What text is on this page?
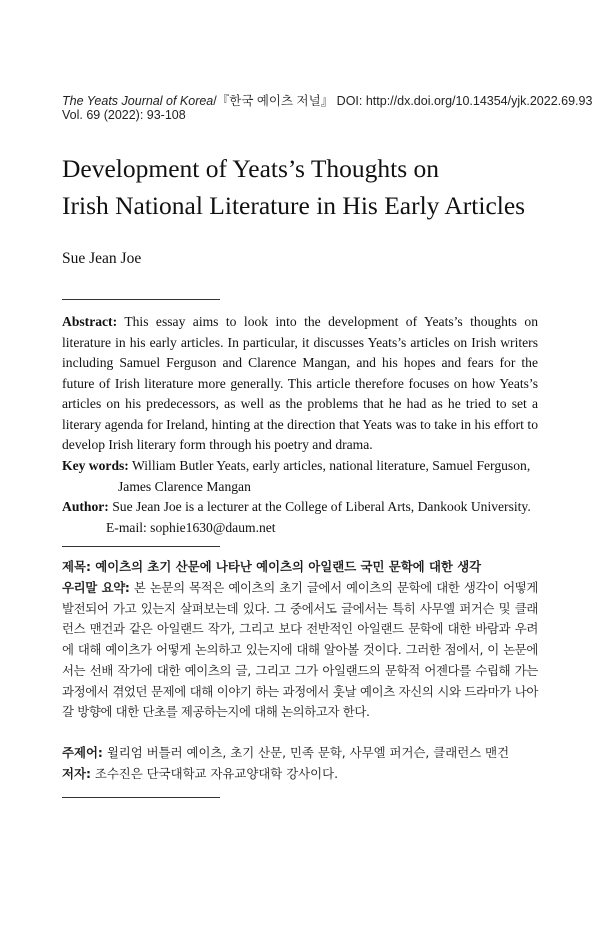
The Yeats Journal of Korea/『한국 예이츠 저널』 DOI: http://dx.doi.org/10.14354/yjk.2022.69.93
Vol. 69 (2022): 93-108
Development of Yeats’s Thoughts on
Irish National Literature in His Early Articles
Sue Jean Joe
Abstract: This essay aims to look into the development of Yeats’s thoughts on literature in his early articles. In particular, it discusses Yeats’s articles on Irish writers including Samuel Ferguson and Clarence Mangan, and his hopes and fears for the future of Irish literature more generally. This article therefore focuses on how Yeats’s articles on his predecessors, as well as the problems that he had as he tried to set a literary agenda for Ireland, hinting at the direction that Yeats was to take in his effort to develop Irish literary form through his poetry and drama.
Key words: William Butler Yeats, early articles, national literature, Samuel Ferguson,
James Clarence Mangan
Author: Sue Jean Joe is a lecturer at the College of Liberal Arts, Dankook University.
E-mail: sophie1630@daum.net
제목: 예이츠의 초기 산문에 나타난 예이츠의 아일랜드 국민 문학에 대한 생각
우리말 요약: 본 논문의 목적은 예이츠의 초기 글에서 예이츠의 문학에 대한 생각이 어떻게 발전되어 가고 있는지 살펴보는데 있다. 그 중에서도 글에서는 특히 사무엘 퍼거슨 및 클래런스 맨건과 같은 아일랜드 작가, 그리고 보다 전반적인 아일랜드 문학에 대한 바람과 우려에 대해 예이츠가 어떻게 논의하고 있는지에 대해 알아볼 것이다. 그러한 점에서, 이 논문에서는 선배 작가에 대한 예이츠의 글, 그리고 그가 아일랜드의 문학적 어젠다를 수립해 가는 과정에서 겪었던 문제에 대해 이야기 하는 과정에서 훗날 예이츠 자신의 시와 드라마가 나아갈 방향에 대한 단초를 제공하는지에 대해 논의하고자 한다.
주제어: 윌리엄 버틀러 예이츠, 초기 산문, 민족 문학, 사무엘 퍼거슨, 클래런스 맨건
저자: 조수진은 단국대학교 자유교양대학 강사이다.
